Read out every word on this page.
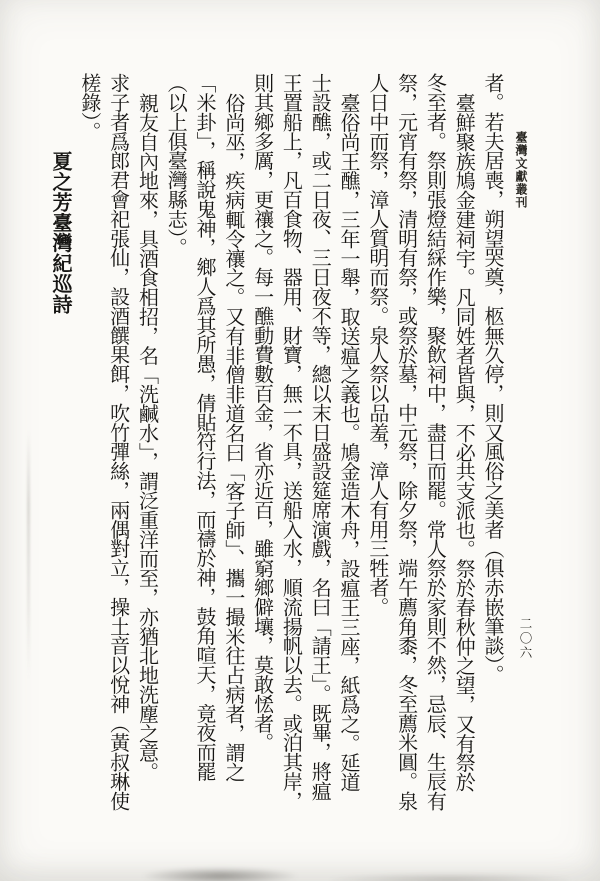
臺灣文獻叢刊
二〇六
者。若夫居喪，朔望哭奠，柩無久停，則又風俗之美者（俱赤嵌筆談）。
臺鮮聚族鳩金建祠宇。凡同姓者皆與，不必共支派也。祭於春秋仲之望，又有祭於
冬至者。祭則張燈結綵作樂，聚飲祠中，盡日而罷。常人祭於家則不然，忌辰、生辰有
祭，元宵有祭，清明有祭，或祭於墓，中元祭，除夕祭，端午薦角黍，冬至薦米圓。泉
人日中而祭，漳人質明而祭。泉人祭以品羞，漳人有用三牲者。
臺俗尚王醮，三年一舉，取送瘟之義也。鳩金造木舟，設瘟王三座，紙爲之。延道
士設醮，或二日夜、三日夜不等，總以末日盛設筵席演戲，名曰「請王」。既畢，將瘟
王置船上，凡百食物、器用、財寶，無一不具，送船入水，順流揚帆以去。或泊其岸，
則其鄉多厲，更禳之。每一醮動費數百金，省亦近百，雖窮鄉僻壤，莫敢恡者。
俗尚巫，疾病輒令禳之。又有非僧非道名曰「客子師」、攜一撮米往占病者，謂之
「米卦」，稱說鬼神，鄉人爲其所愚，倩貼符行法，而禱於神，鼓角喧天，竟夜而罷
（以上俱臺灣縣志）。
親友自內地來，具酒食相招，名「洗鹹水」，謂泛重洋而至，亦猶北地洗塵之意。
求子者爲郎君會祀張仙，設酒饌果餌，吹竹彈絲，兩偶對立，操土音以悅神（黃叔琳使
槎錄）。
夏之芳臺灣紀巡詩
